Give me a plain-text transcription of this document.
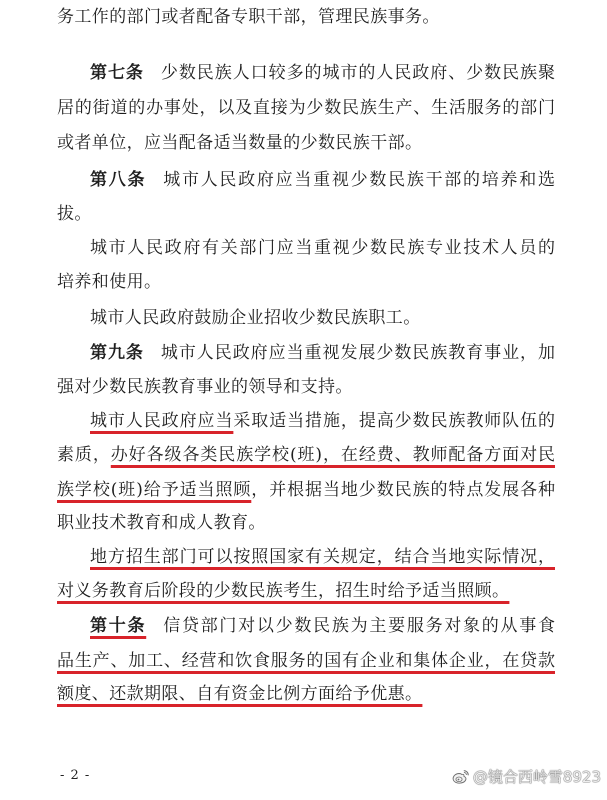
务工作的部门或者配备专职干部，管理民族事务。
第七条 少数民族人口较多的城市的人民政府、少数民族聚
居的街道的办事处，以及直接为少数民族生产、生活服务的部门
或者单位，应当配备适当数量的少数民族干部。
第八条 城市人民政府应当重视少数民族干部的培养和选
拔。
城市人民政府有关部门应当重视少数民族专业技术人员的
培养和使用。
城市人民政府鼓励企业招收少数民族职工。
第九条 城市人民政府应当重视发展少数民族教育事业，加
强对少数民族教育事业的领导和支持。
城市人民政府应当采取适当措施，提高少数民族教师队伍的
素质，办好各级各类民族学校(班)，在经费、教师配备方面对民
族学校(班)给予适当照顾，并根据当地少数民族的特点发展各种
职业技术教育和成人教育。
地方招生部门可以按照国家有关规定，结合当地实际情况，
对义务教育后阶段的少数民族考生，招生时给予适当照顾。
第十条 信贷部门对以少数民族为主要服务对象的从事食
品生产、加工、经营和饮食服务的国有企业和集体企业，在贷款
额度、还款期限、自有资金比例方面给予优惠。
- 2 -	@镜合西岭雪8923
